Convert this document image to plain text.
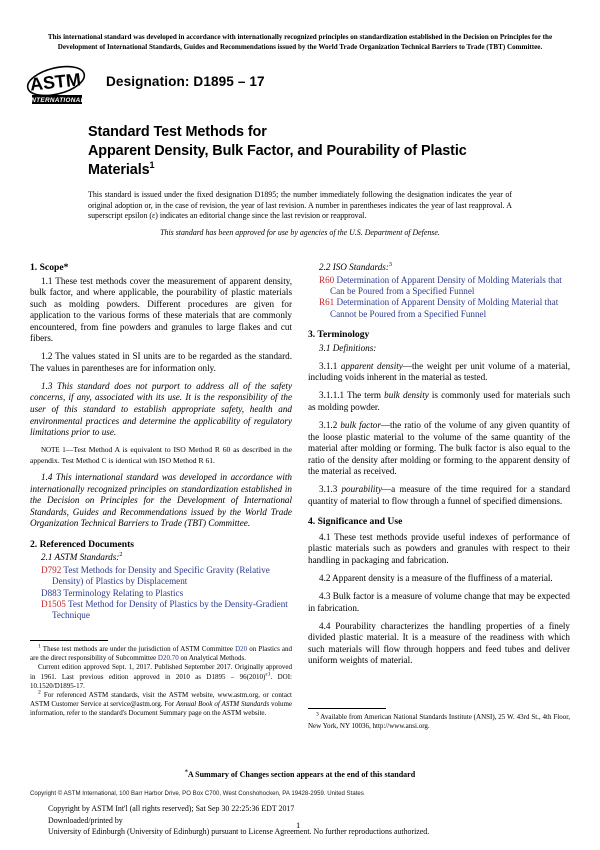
This international standard was developed in accordance with internationally recognized principles on standardization established in the Decision on Principles for the
Development of International Standards, Guides and Recommendations issued by the World Trade Organization Technical Barriers to Trade (TBT) Committee.
ASTM
INTERNATIONAL
Designation: D1895 – 17
Standard Test Methods for
Apparent Density, Bulk Factor, and Pourability of Plastic
Materials$^1$
This standard is issued under the fixed designation D1895; the number immediately following the designation indicates the year of original adoption or, in the case of revision, the year of last revision. A number in parentheses indicates the year of last reapproval. A superscript epsilon (ε) indicates an editorial change since the last revision or reapproval.
This standard has been approved for use by agencies of the U.S. Department of Defense.
1. Scope*

1.1 These test methods cover the measurement of apparent density, bulk factor, and where applicable, the pourability of plastic materials such as molding powders. Different procedures are given for application to the various forms of these materials that are commonly encountered, from fine powders and granules to large flakes and cut fibers.

1.2 The values stated in SI units are to be regarded as the standard. The values in parentheses are for information only.

1.3 This standard does not purport to address all of the safety concerns, if any, associated with its use. It is the responsibility of the user of this standard to establish appropriate safety, health and environmental practices and determine the applicability of regulatory limitations prior to use.

NOTE 1—Test Method A is equivalent to ISO Method R 60 as described in the appendix. Test Method C is identical with ISO Method R 61.

1.4 This international standard was developed in accordance with internationally recognized principles on standardization established in the Decision on Principles for the Development of International Standards, Guides and Recommendations issued by the World Trade Organization Technical Barriers to Trade (TBT) Committee.

2. Referenced Documents
2.1 ASTM Standards:$^2$
D792 Test Methods for Density and Specific Gravity (Relative Density) of Plastics by Displacement
D883 Terminology Relating to Plastics
D1505 Test Method for Density of Plastics by the Density-Gradient Technique
2.2 ISO Standards:$^3$
R60 Determination of Apparent Density of Molding Materials that Can be Poured from a Specified Funnel
R61 Determination of Apparent Density of Molding Material that Cannot be Poured from a Specified Funnel
3. Terminology
3.1 Definitions:

3.1.1 apparent density—the weight per unit volume of a material, including voids inherent in the material as tested.

3.1.1.1 The term bulk density is commonly used for materials such as molding powder.

3.1.2 bulk factor—the ratio of the volume of any given quantity of the loose plastic material to the volume of the same quantity of the material after molding or forming. The bulk factor is also equal to the ratio of the density after molding or forming to the apparent density of the material as received.

3.1.3 pourability—a measure of the time required for a standard quantity of material to flow through a funnel of specified dimensions.

4. Significance and Use

4.1 These test methods provide useful indexes of performance of plastic materials such as powders and granules with respect to their handling in packaging and fabrication.

4.2 Apparent density is a measure of the fluffiness of a material.

4.3 Bulk factor is a measure of volume change that may be expected in fabrication.

4.4 Pourability characterizes the handling properties of a finely divided plastic material. It is a measure of the readiness with which such materials will flow through hoppers and feed tubes and deliver uniform weights of material.

$^1$ These test methods are under the jurisdiction of ASTM Committee D20 on Plastics and are the direct responsibility of Subcommittee D20.70 on Analytical Methods.

Current edition approved Sept. 1, 2017. Published September 2017. Originally approved in 1961. Last previous edition approved in 2010 as $D1895 - 96(2010)^{\varepsilon 1}$. DOI: 10.1520/D1895-17.

$^2$ For referenced ASTM standards, visit the ASTM website, www.astm.org, or contact ASTM Customer Service at service@astm.org. For Annual Book of ASTM Standards volume information, refer to the standard's Document Summary page on the ASTM website.	$^3$ Available from American National Standards Institute (ANSI), 25 W. 43rd St., 4th Floor, New York, NY 10036, http://www.ansi.org.

*A Summary of Changes section appears at the end of this standard
Copyright © ASTM International, 100 Barr Harbor Drive, PO Box C700, West Conshohocken, PA 19428-2959. United States
Copyright by ASTM Int'l (all rights reserved); Sat Sep 30 22:25:36 EDT 2017
Downloaded/printed by
University of Edinburgh (University of Edinburgh) pursuant to License Agreement. No further reproductions authorized.
1
